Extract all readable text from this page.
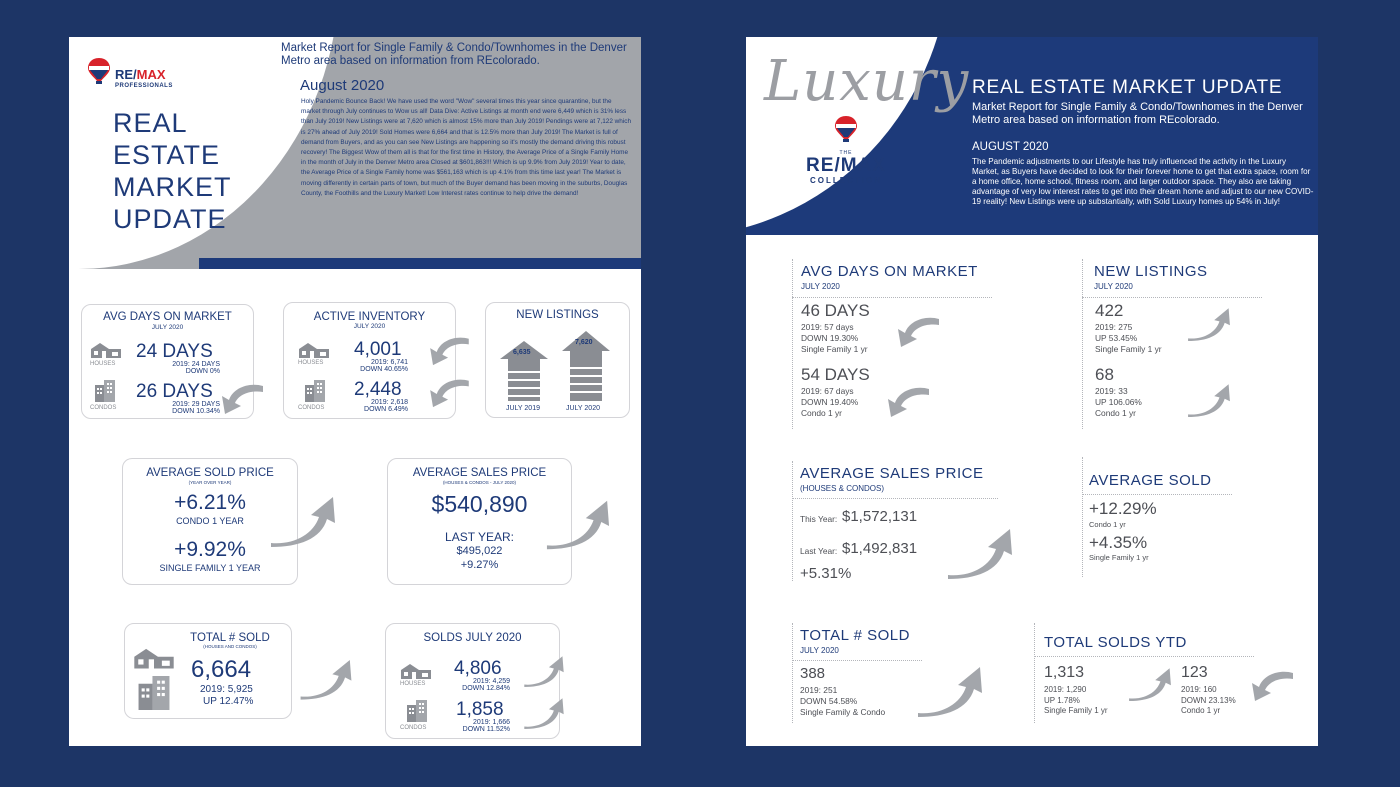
RE/MAX
PROFESSIONALS
REAL
ESTATE
MARKET
UPDATE
Market Report for Single Family & Condo/Townhomes in the Denver Metro area based on information from REcolorado.
August 2020
Holy Pandemic Bounce Back! We have used the word "Wow" several times this year since quarantine, but the market through July continues to Wow us all! Data Dive: Active Listings at month end were 6,449 which is 31% less than July 2019! New Listings were at 7,620 which is almost 15% more than July 2019! Pendings were at 7,122 which is 27% ahead of July 2019! Sold Homes were 6,664 and that is 12.5% more than July 2019! The Market is full of demand from Buyers, and as you can see New Listings are happening so it's mostly the demand driving this robust recovery! The Biggest Wow of them all is that for the first time in History, the Average Price of a Single Family Home in the month of July in the Denver Metro area Closed at $601,863!!! Which is up 9.9% from July 2019! Year to date, the Average Price of a Single Family home was $561,163 which is up 4.1% from this time last year! The Market is moving differently in certain parts of town, but much of the Buyer demand has been moving in the suburbs, Douglas County, the Foothills and the Luxury Market! Low Interest rates continue to help drive the demand!
AVG DAYS ON MARKET
JULY 2020
HOUSES
24 DAYS
2019: 24 DAYS
DOWN 0%
CONDOS
26 DAYS
2019: 29 DAYS
DOWN 10.34%
ACTIVE INVENTORY
JULY 2020
HOUSES
4,001
2019: 6,741
DOWN 40.65%
CONDOS
2,448
2019: 2,618
DOWN 6.49%
NEW LISTINGS
6,635
7,620
JULY 2019	JULY 2020
AVERAGE SOLD PRICE
(YEAR OVER YEAR)
+6.21%
CONDO 1 YEAR
+9.92%
SINGLE FAMILY 1 YEAR
AVERAGE SALES PRICE
(HOUSES & CONDOS - JULY 2020)
$540,890
LAST YEAR:
$495,022
+9.27%
TOTAL # SOLD
(HOUSES AND CONDOS)
6,664
2019: 5,925
UP 12.47%
SOLDS JULY 2020
HOUSES
4,806
2019: 4,259
DOWN 12.84%
CONDOS
1,858
2019: 1,666
DOWN 11.52%
Luxury
THE
RE/MAX
COLLECTION
REAL ESTATE MARKET UPDATE
Market Report for Single Family & Condo/Townhomes in the Denver Metro area based on information from REcolorado.
AUGUST 2020
The Pandemic adjustments to our Lifestyle has truly influenced the activity in the Luxury Market, as Buyers have decided to look for their forever home to get that extra space, room for a home office, home school, fitness room, and larger outdoor space. They also are taking advantage of very low interest rates to get into their dream home and adjust to our new COVID-19 reality! New Listings were up substantially, with Sold Luxury homes up 54% in July!
AVG DAYS ON MARKET
JULY 2020
46 DAYS
2019: 57 days
DOWN 19.30%
Single Family 1 yr
54 DAYS
2019: 67 days
DOWN 19.40%
Condo 1 yr
NEW LISTINGS
JULY 2020
422
2019: 275
UP 53.45%
Single Family 1 yr
68
2019: 33
UP 106.06%
Condo 1 yr
AVERAGE SALES PRICE
(HOUSES & CONDOS)
This Year: $1,572,131
Last Year: $1,492,831
+5.31%
AVERAGE SOLD
+12.29%
Condo 1 yr
+4.35%
Single Family 1 yr
TOTAL # SOLD
JULY 2020
388
2019: 251
DOWN 54.58%
Single Family & Condo
TOTAL SOLDS YTD
1,313
2019: 1,290
UP 1.78%
Single Family 1 yr
123
2019: 160
DOWN 23.13%
Condo 1 yr
